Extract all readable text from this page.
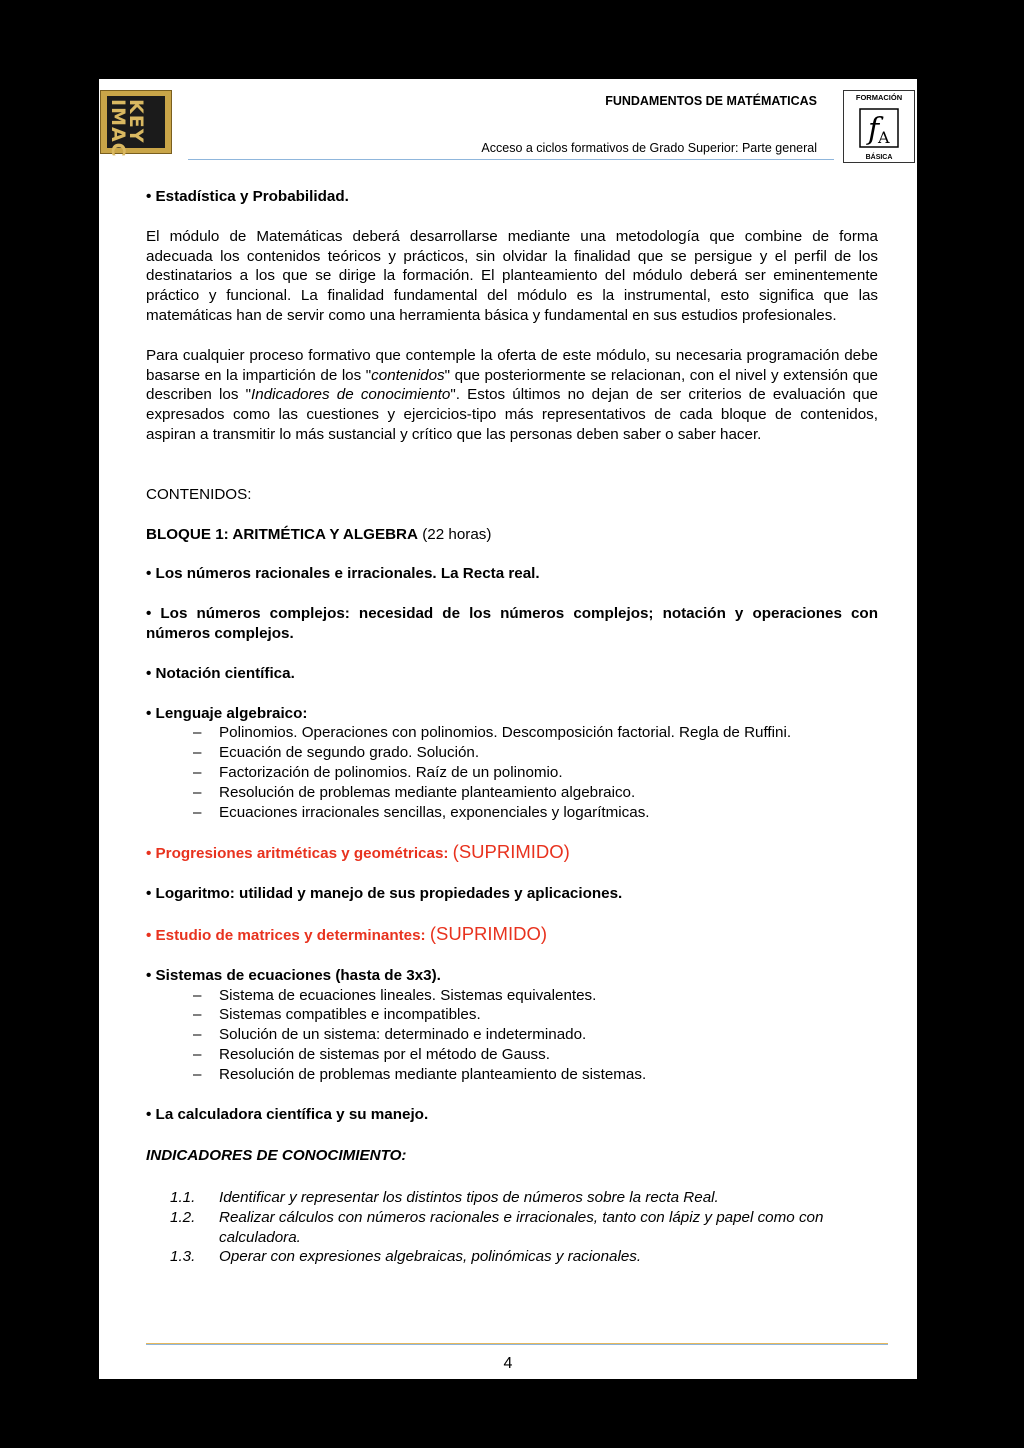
KEY
IMAC	FUNDAMENTOS DE MATÉMATICAS
Acceso a ciclos formativos de Grado Superior: Parte general
FORMACIÓN
f
A
BÁSICA

• Estadística y Probabilidad.

El módulo de Matemáticas deberá desarrollarse mediante una metodología que combine de forma adecuada los contenidos teóricos y prácticos, sin olvidar la finalidad que se persigue y el perfil de los destinatarios a los que se dirige la formación. El planteamiento del módulo deberá ser eminentemente práctico y funcional. La finalidad fundamental del módulo es la instrumental, esto significa que las matemáticas han de servir como una herramienta básica y fundamental en sus estudios profesionales.

Para cualquier proceso formativo que contemple la oferta de este módulo, su necesaria programación debe basarse en la impartición de los "contenidos" que posteriormente se relacionan, con el nivel y extensión que describen los "Indicadores de conocimiento". Estos últimos no dejan de ser criterios de evaluación que expresados como las cuestiones y ejercicios-tipo más representativos de cada bloque de contenidos, aspiran a transmitir lo más sustancial y crítico que las personas deben saber o saber hacer.

CONTENIDOS:

BLOQUE 1: ARITMÉTICA Y ALGEBRA (22 horas)

• Los números racionales e irracionales. La Recta real.

• Los números complejos: necesidad de los números complejos; notación y operaciones con números complejos.

• Notación científica.

• Lenguaje algebraico:

– Polinomios. Operaciones con polinomios. Descomposición factorial. Regla de Ruffini.
– Ecuación de segundo grado. Solución.
– Factorización de polinomios. Raíz de un polinomio.
– Resolución de problemas mediante planteamiento algebraico.
– Ecuaciones irracionales sencillas, exponenciales y logarítmicas.

• Progresiones aritméticas y geométricas: (SUPRIMIDO)

• Logaritmo: utilidad y manejo de sus propiedades y aplicaciones.

• Estudio de matrices y determinantes: (SUPRIMIDO)

• Sistemas de ecuaciones (hasta de 3x3).

– Sistema de ecuaciones lineales. Sistemas equivalentes.
– Sistemas compatibles e incompatibles.
– Solución de un sistema: determinado e indeterminado.
– Resolución de sistemas por el método de Gauss.
– Resolución de problemas mediante planteamiento de sistemas.

• La calculadora científica y su manejo.

INDICADORES DE CONOCIMIENTO:

1.1. Identificar y representar los distintos tipos de números sobre la recta Real.
1.2. Realizar cálculos con números racionales e irracionales, tanto con lápiz y papel como con calculadora.
1.3. Operar con expresiones algebraicas, polinómicas y racionales.
4
